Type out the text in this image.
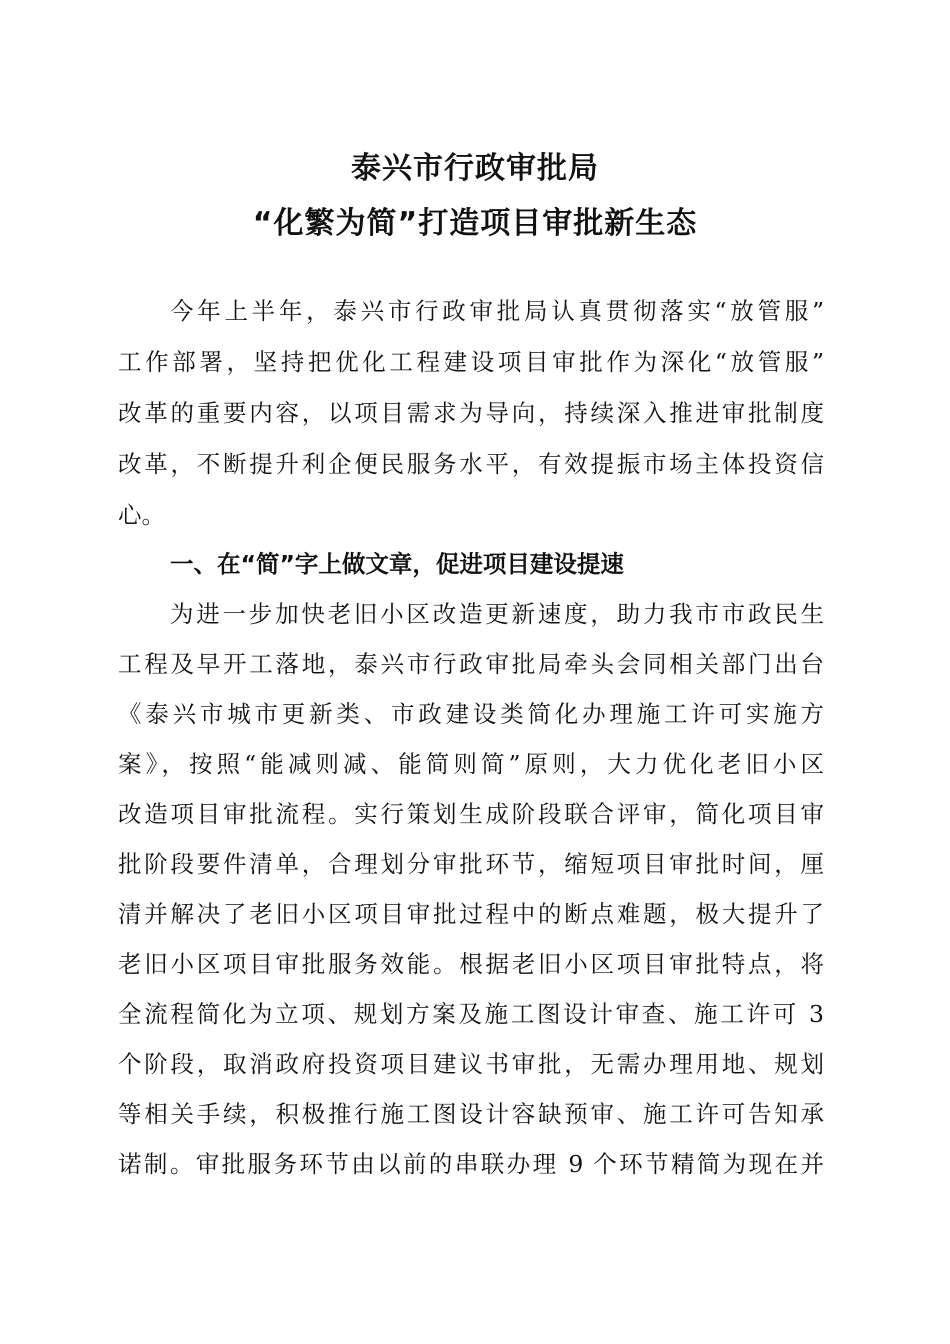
泰兴市行政审批局
“化繁为简”打造项目审批新生态
今年上半年，泰兴市行政审批局认真贯彻落实“放管服”
工作部署，坚持把优化工程建设项目审批作为深化“放管服”
改革的重要内容，以项目需求为导向，持续深入推进审批制度
改革，不断提升利企便民服务水平，有效提振市场主体投资信
心。
一、在“简”字上做文章，促进项目建设提速
为进一步加快老旧小区改造更新速度，助力我市市政民生
工程及早开工落地，泰兴市行政审批局牵头会同相关部门出台
《泰兴市城市更新类、市政建设类简化办理施工许可实施方
案》，按照“能减则减、能简则简”原则，大力优化老旧小区
改造项目审批流程。实行策划生成阶段联合评审，简化项目审
批阶段要件清单，合理划分审批环节，缩短项目审批时间，厘
清并解决了老旧小区项目审批过程中的断点难题，极大提升了
老旧小区项目审批服务效能。根据老旧小区项目审批特点，将
全流程简化为立项、规划方案及施工图设计审查、施工许可 3
个阶段，取消政府投资项目建议书审批，无需办理用地、规划
等相关手续，积极推行施工图设计容缺预审、施工许可告知承
诺制。审批服务环节由以前的串联办理 9 个环节精简为现在并
